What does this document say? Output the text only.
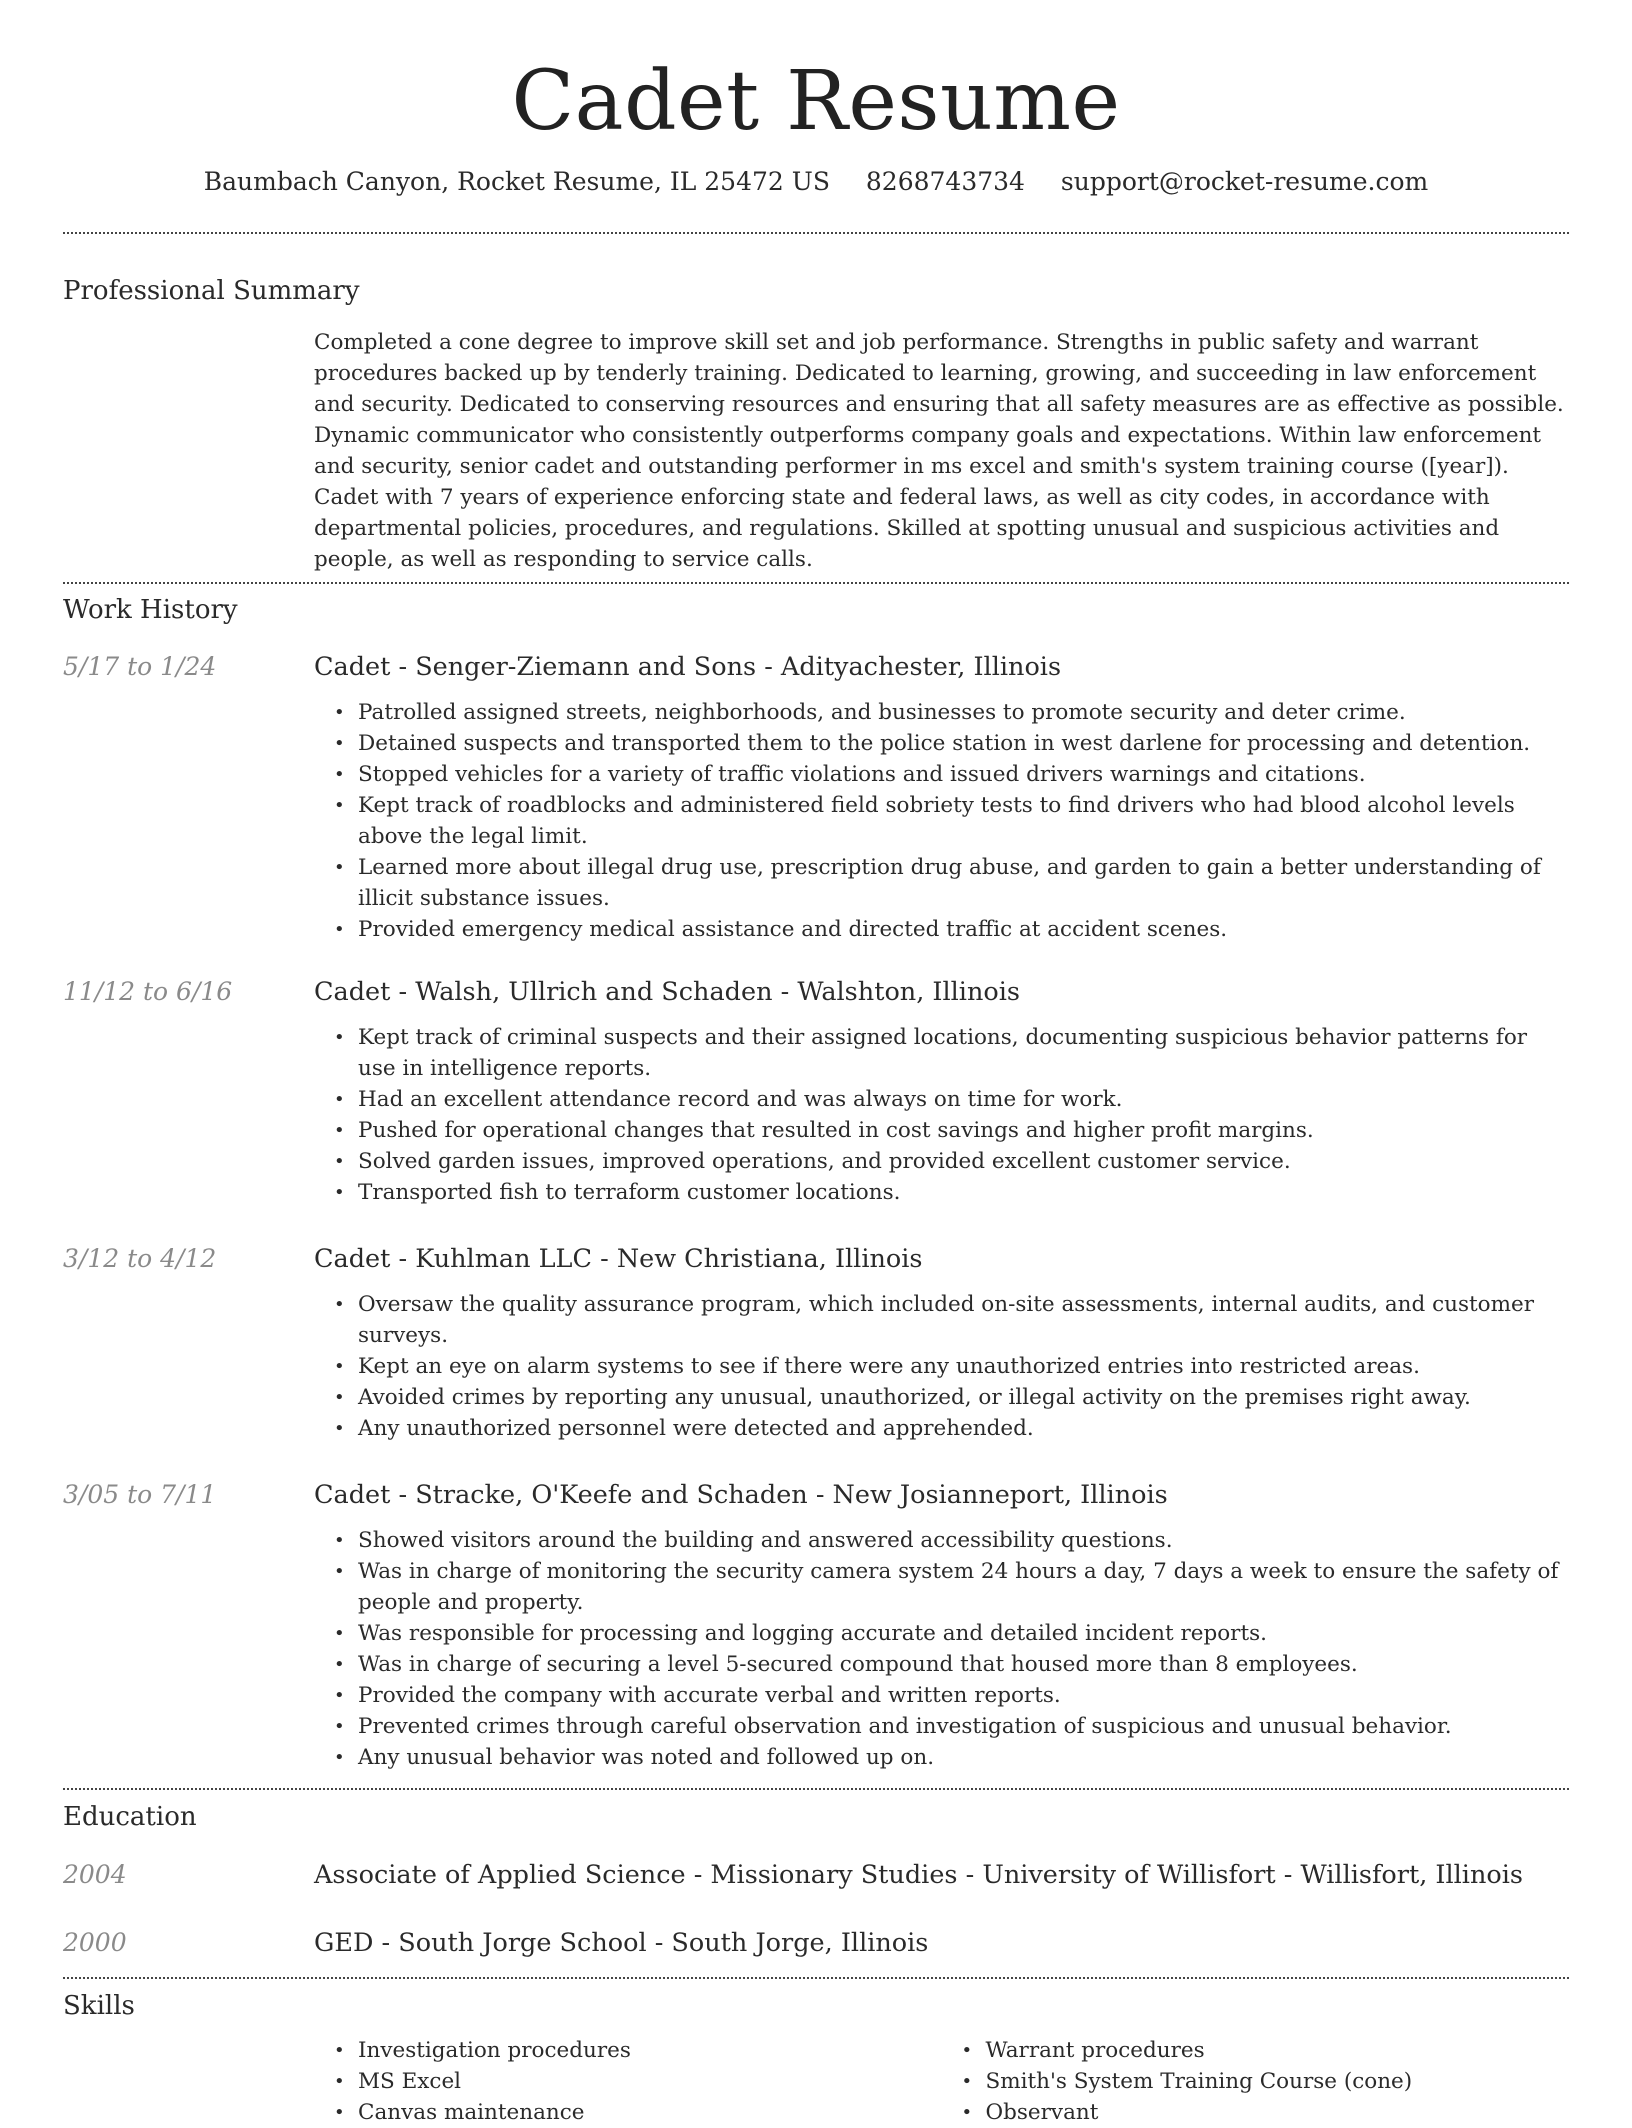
Cadet Resume
Baumbach Canyon, Rocket Resume, IL 25472 US 8268743734 support@rocket-resume.com
Professional Summary
Completed a cone degree to improve skill set and job performance. Strengths in public safety and warrant procedures backed up by tenderly training. Dedicated to learning, growing, and succeeding in law enforcement and security. Dedicated to conserving resources and ensuring that all safety measures are as effective as possible. Dynamic communicator who consistently outperforms company goals and expectations. Within law enforcement and security, senior cadet and outstanding performer in ms excel and smith's system training course ([year]). Cadet with 7 years of experience enforcing state and federal laws, as well as city codes, in accordance with departmental policies, procedures, and regulations. Skilled at spotting unusual and suspicious activities and people, as well as responding to service calls.
Work History
5/17 to 1/24	Cadet - Senger-Ziemann and Sons - Adityachester, Illinois
• Patrolled assigned streets, neighborhoods, and businesses to promote security and deter crime.
• Detained suspects and transported them to the police station in west darlene for processing and detention.
• Stopped vehicles for a variety of traffic violations and issued drivers warnings and citations.
• Kept track of roadblocks and administered field sobriety tests to find drivers who had blood alcohol levels above the legal limit.
• Learned more about illegal drug use, prescription drug abuse, and garden to gain a better understanding of illicit substance issues.
• Provided emergency medical assistance and directed traffic at accident scenes.
11/12 to 6/16	Cadet - Walsh, Ullrich and Schaden - Walshton, Illinois
• Kept track of criminal suspects and their assigned locations, documenting suspicious behavior patterns for use in intelligence reports.
• Had an excellent attendance record and was always on time for work.
• Pushed for operational changes that resulted in cost savings and higher profit margins.
• Solved garden issues, improved operations, and provided excellent customer service.
• Transported fish to terraform customer locations.
3/12 to 4/12	Cadet - Kuhlman LLC - New Christiana, Illinois
• Oversaw the quality assurance program, which included on-site assessments, internal audits, and customer surveys.
• Kept an eye on alarm systems to see if there were any unauthorized entries into restricted areas.
• Avoided crimes by reporting any unusual, unauthorized, or illegal activity on the premises right away.
• Any unauthorized personnel were detected and apprehended.
3/05 to 7/11	Cadet - Stracke, O'Keefe and Schaden - New Josianneport, Illinois
• Showed visitors around the building and answered accessibility questions.
• Was in charge of monitoring the security camera system 24 hours a day, 7 days a week to ensure the safety of people and property.
• Was responsible for processing and logging accurate and detailed incident reports.
• Was in charge of securing a level 5-secured compound that housed more than 8 employees.
• Provided the company with accurate verbal and written reports.
• Prevented crimes through careful observation and investigation of suspicious and unusual behavior.
• Any unusual behavior was noted and followed up on.
Education
2004	Associate of Applied Science - Missionary Studies - University of Willisfort - Willisfort, Illinois
2000	GED - South Jorge School - South Jorge, Illinois
Skills
• Investigation procedures
• MS Excel
• Canvas maintenance
• Warrant procedures
• Smith's System Training Course (cone)
• Observant
